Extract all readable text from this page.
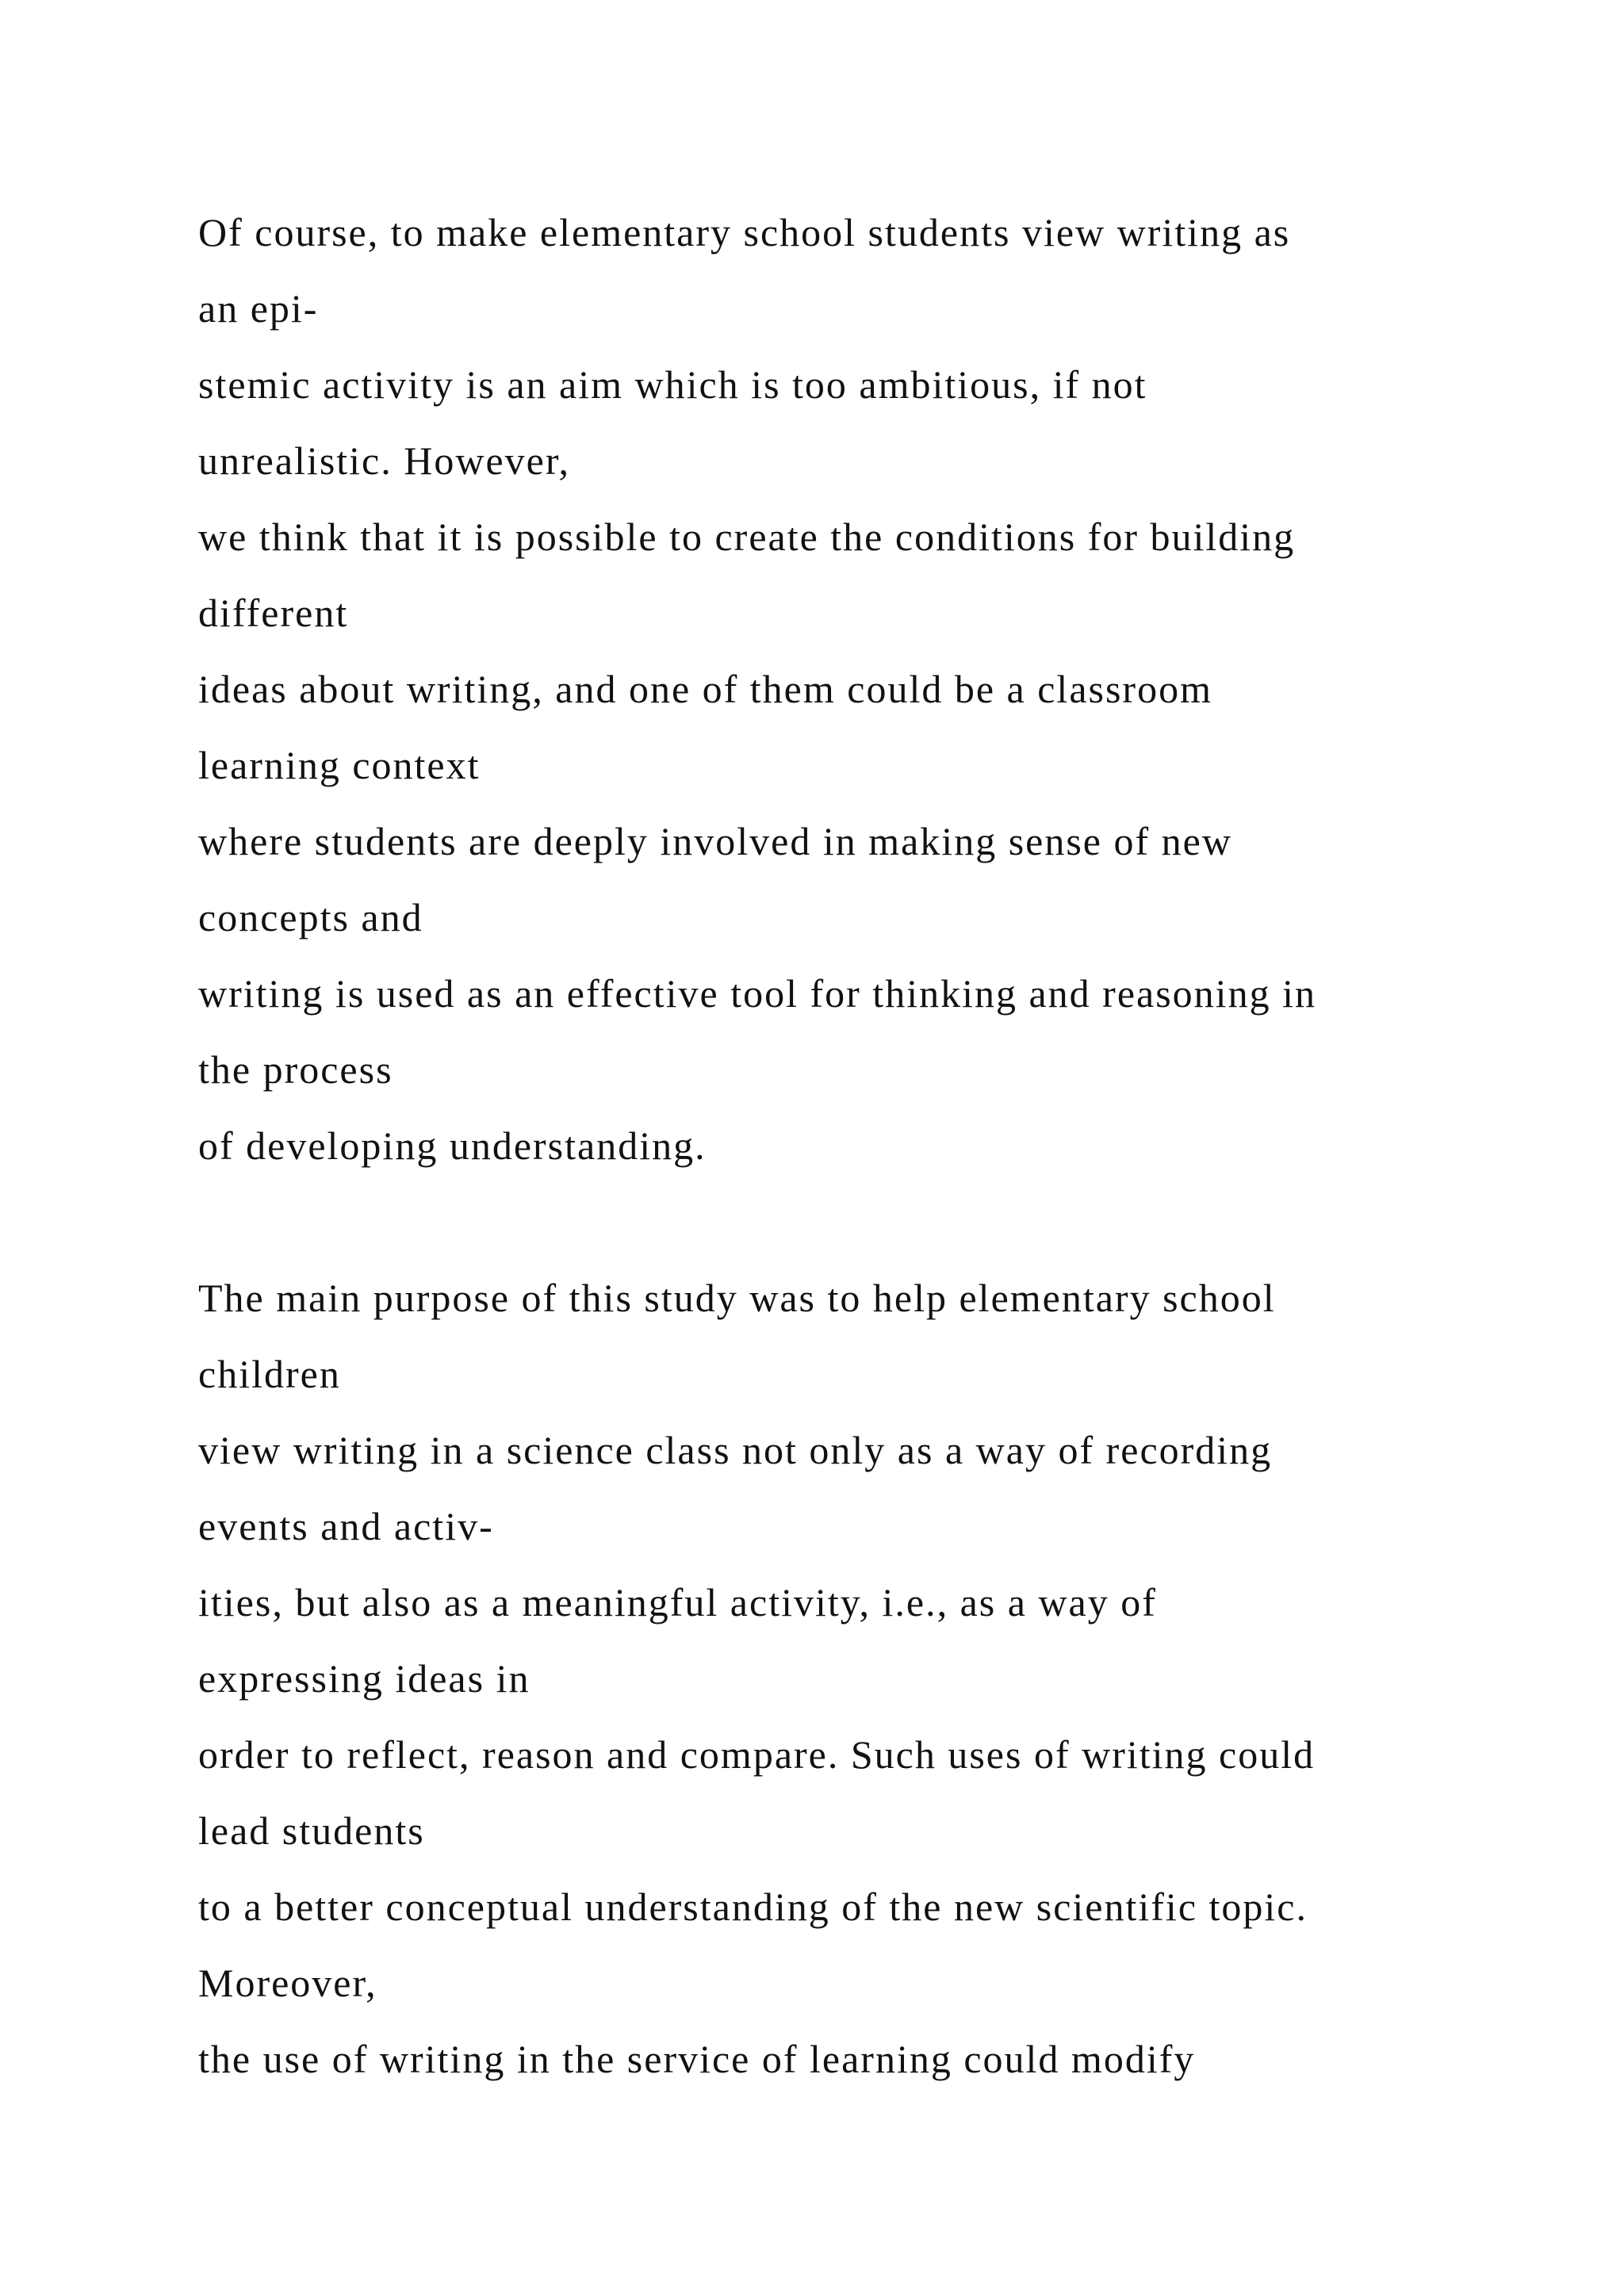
Of course, to make elementary school students view writing as
an epi-
stemic activity is an aim which is too ambitious, if not
unrealistic. However,
we think that it is possible to create the conditions for building
different
ideas about writing, and one of them could be a classroom
learning context
where students are deeply involved in making sense of new
concepts and
writing is used as an effective tool for thinking and reasoning in
the process
of developing understanding.
The main purpose of this study was to help elementary school
children
view writing in a science class not only as a way of recording
events and activ-
ities, but also as a meaningful activity, i.e., as a way of
expressing ideas in
order to reflect, reason and compare. Such uses of writing could
lead students
to a better conceptual understanding of the new scientific topic.
Moreover,
the use of writing in the service of learning could modify
